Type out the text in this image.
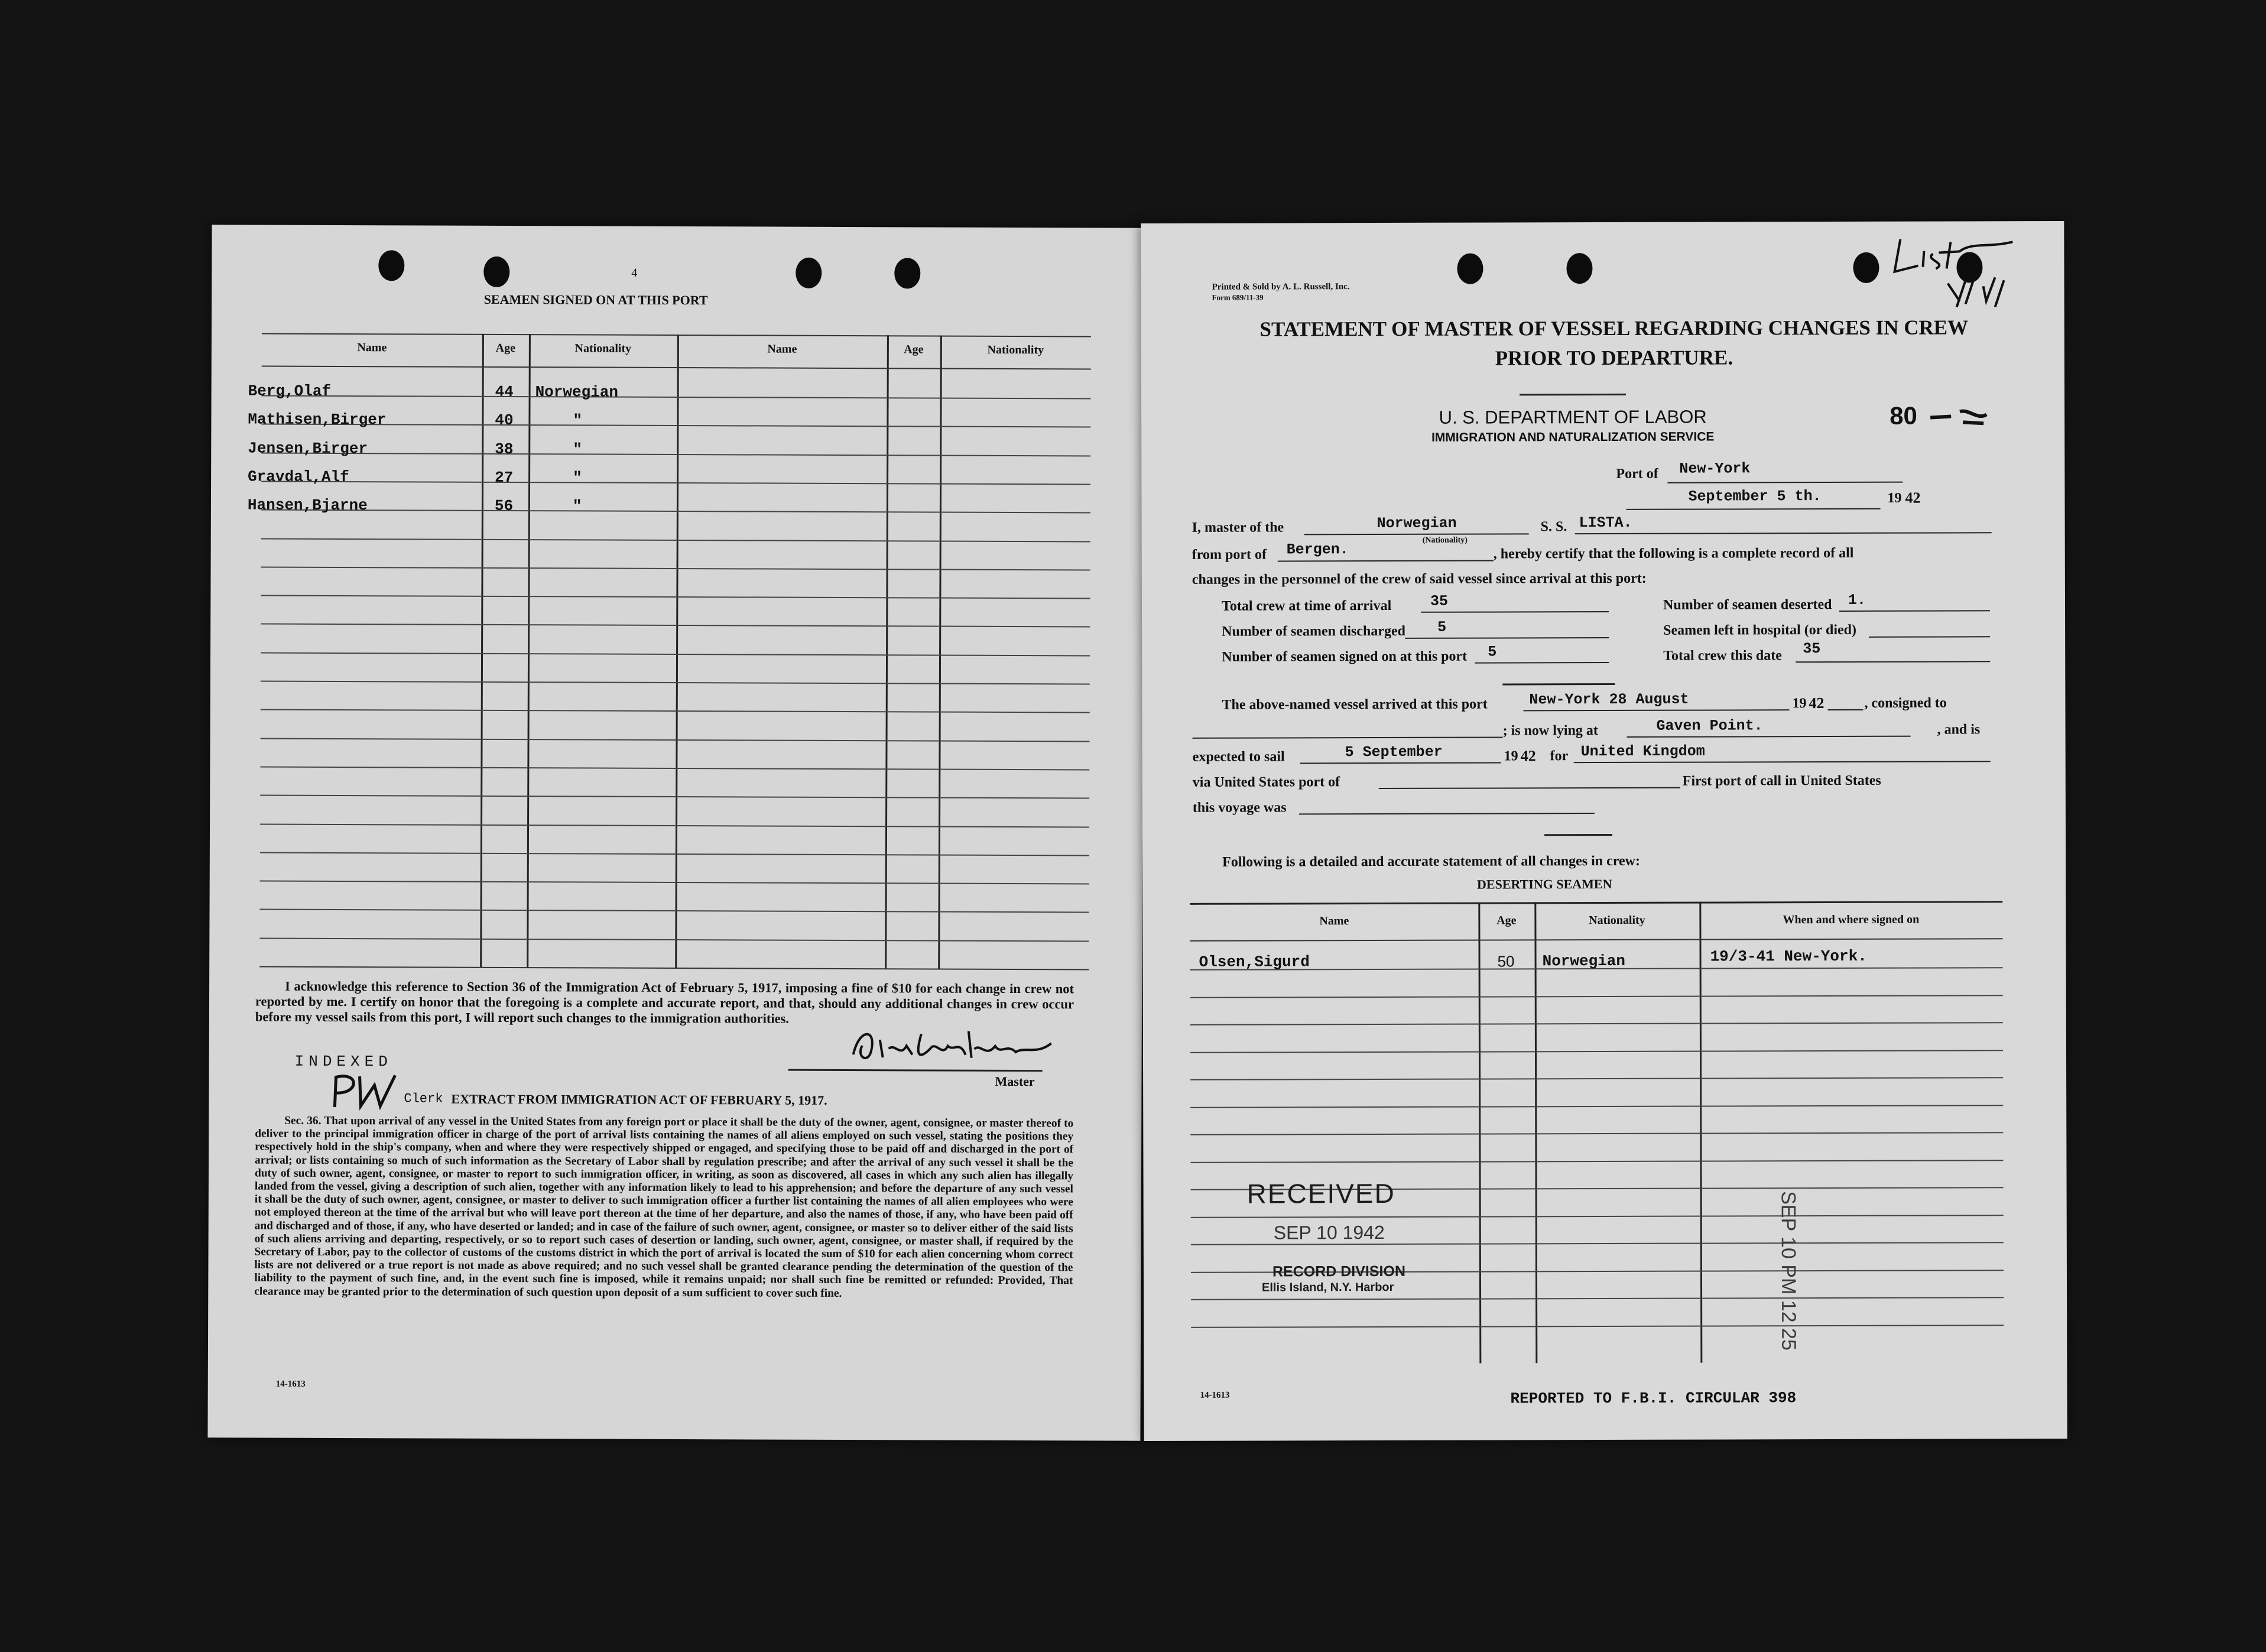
4
SEAMEN SIGNED ON AT THIS PORT
Name	Age	Nationality	Name	Age	Nationality
Berg,Olaf	44 Norwegian
Mathisen,Birger	40	"
Jensen,Birger	38	"
Gravdal,Alf	27	"
Hansen,Bjarne	56	"
I acknowledge this reference to Section 36 of the Immigration Act of February 5, 1917, imposing a fine of $10 for each change in crew not reported by me. I certify on honor that the foregoing is a complete and accurate report, and that, should any additional changes in crew occur before my vessel sails from this port, I will report such changes to the immigration authorities.
INDEXED
Master
Clerk EXTRACT FROM IMMIGRATION ACT OF FEBRUARY 5, 1917.
Sec. 36. That upon arrival of any vessel in the United States from any foreign port or place it shall be the duty of the owner, agent, consignee, or master thereof to deliver to the principal immigration officer in charge of the port of arrival lists containing the names of all aliens employed on such vessel, stating the positions they respectively hold in the ship's company, when and where they were respectively shipped or engaged, and specifying those to be paid off and discharged in the port of arrival; or lists containing so much of such information as the Secretary of Labor shall by regulation prescribe; and after the arrival of any such vessel it shall be the duty of such owner, agent, consignee, or master to report to such immigration officer, in writing, as soon as discovered, all cases in which any such alien has illegally landed from the vessel, giving a description of such alien, together with any information likely to lead to his apprehension; and before the departure of any such vessel it shall be the duty of such owner, agent, consignee, or master to deliver to such immigration officer a further list containing the names of all alien employees who were not employed thereon at the time of the arrival but who will leave port thereon at the time of her departure, and also the names of those, if any, who have been paid off and discharged and of those, if any, who have deserted or landed; and in case of the failure of such owner, agent, consignee, or master so to deliver either of the said lists of such aliens arriving and departing, respectively, or so to report such cases of desertion or landing, such owner, agent, consignee, or master shall, if required by the Secretary of Labor, pay to the collector of customs of the customs district in which the port of arrival is located the sum of $10 for each alien concerning whom correct lists are not delivered or a true report is not made as above required; and no such vessel shall be granted clearance pending the determination of the question of the liability to the payment of such fine, and, in the event such fine is imposed, while it remains unpaid; nor shall such fine be remitted or refunded: Provided, That clearance may be granted prior to the determination of such question upon deposit of a sum sufficient to cover such fine.
14-1613
Printed & Sold by A. L. Russell, Inc.
Form 689/11-39
STATEMENT OF MASTER OF VESSEL REGARDING CHANGES IN CREW
PRIOR TO DEPARTURE.
U. S. DEPARTMENT OF LABOR
IMMIGRATION AND NATURALIZATION SERVICE
80
Port of New-York
September 5 th.	19 42
I, master of the	Norwegian
(Nationality)
S. S. LISTA.
from port of Bergen.	, hereby certify that the following is a complete record of all
changes in the personnel of the crew of said vessel since arrival at this port:
Total crew at time of arrival	35	Number of seamen deserted 1.
Number of seamen discharged 5	Seamen left in hospital (or died)
Number of seamen signed on at this port 5	Total crew this date 35
The above-named vessel arrived at this port	New-York 28 August	19 42	, consigned to
; is now lying at	Gaven Point.	, and is
expected to sail	5 September	19 42 for United Kingdom
via United States port of	First port of call in United States
this voyage was
Following is a detailed and accurate statement of all changes in crew:
DESERTING SEAMEN
Name	Age	Nationality	When and where signed on
Olsen,Sigurd	50 Norwegian	19/3-41 New-York.
RECEIVED
SEP 10 1942
RECORD DIVISION
Ellis Island, N.Y. Harbor	SEP 10 PM 12 25
14-1613	REPORTED TO F.B.I. CIRCULAR 398
